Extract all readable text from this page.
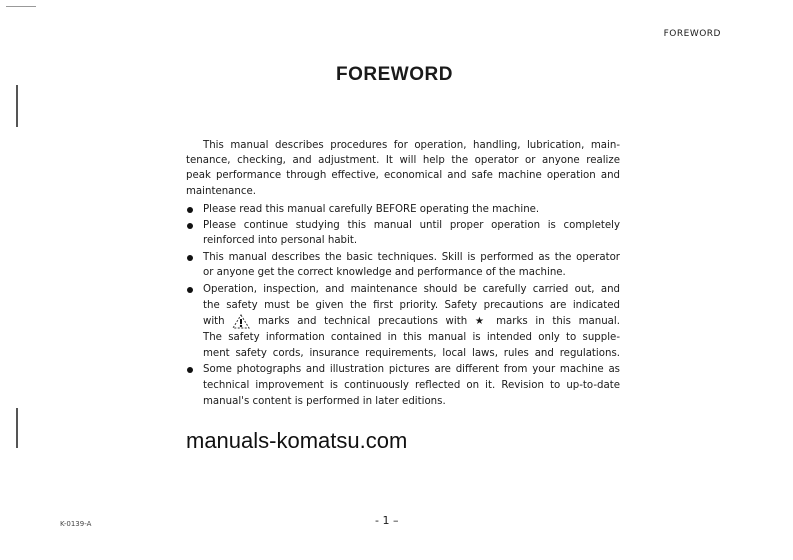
FOREWORD
FOREWORD
This manual describes procedures for operation, handling, lubrication, main-
tenance, checking, and adjustment. It will help the operator or anyone realize
peak performance through effective, economical and safe machine operation and
maintenance.
Please read this manual carefully BEFORE operating the machine.
Please continue studying this manual until proper operation is completely
reinforced into personal habit.
This manual describes the basic techniques. Skill is performed as the operator
or anyone get the correct knowledge and performance of the machine.
Operation, inspection, and maintenance should be carefully carried out, and
the safety must be given the first priority. Safety precautions are indicated
with	marks and technical precautions with ★ marks in this manual.
The safety information contained in this manual is intended only to supple-
ment safety cords, insurance requirements, local laws, rules and regulations.
Some photographs and illustration pictures are different from your machine as
technical improvement is continuously reflected on it. Revision to up-to-date
manual's content is performed in later editions.
manuals-komatsu.com
K-0139-A	- 1 –
